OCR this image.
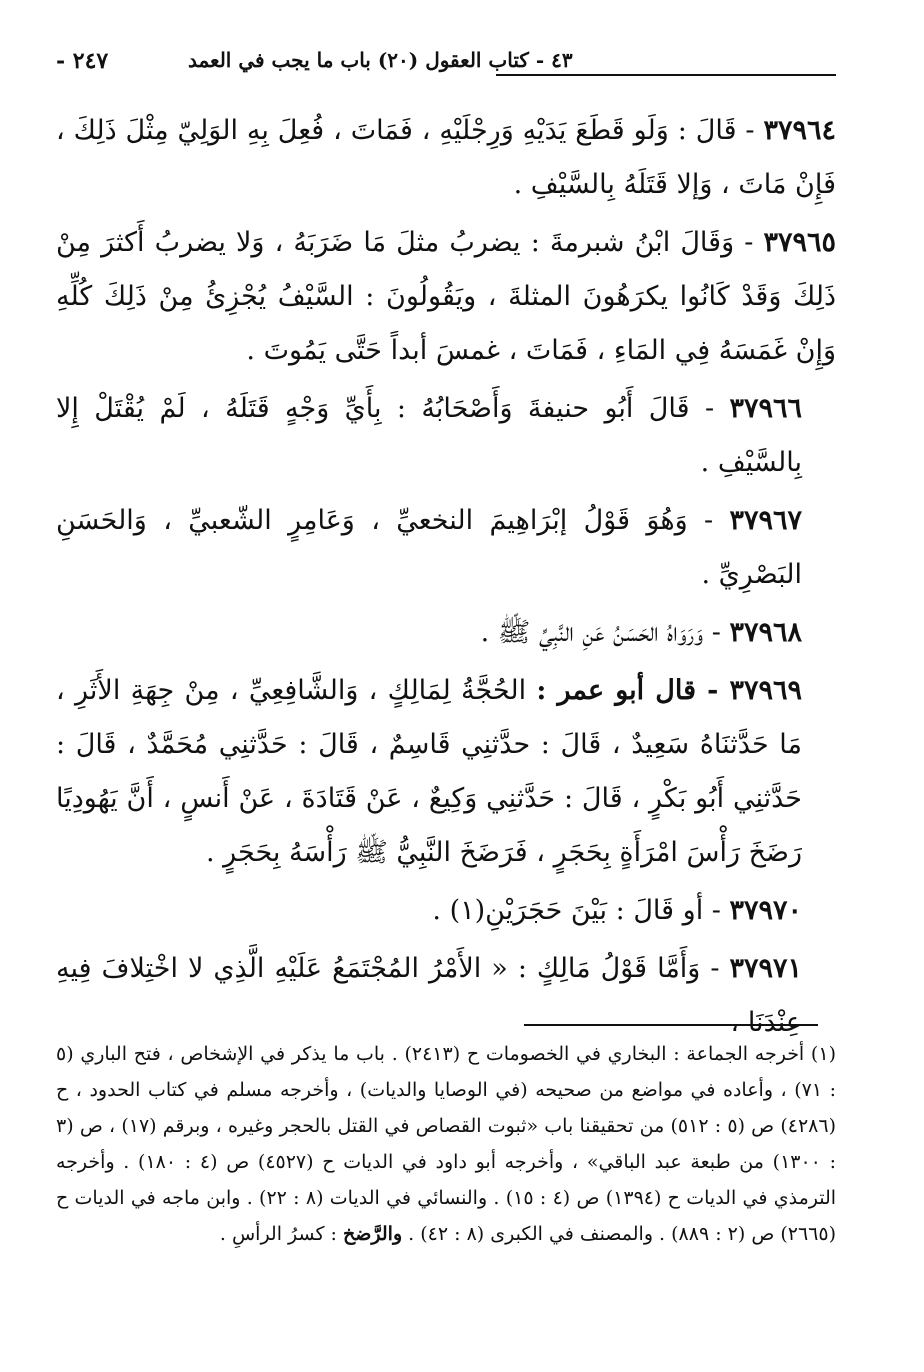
- ٢٤٧	٤٣ - كتاب العقول (٢٠) باب ما يجب في العمد

٣٧٩٦٤ - قَالَ : وَلَو قَطَعَ يَدَيْهِ وَرِجْلَيْهِ ، فَمَاتَ ، فُعِلَ بِهِ الوَلِيّ مِثْلَ ذَلِكَ ، فَإِنْ مَاتَ ، وَإلا قَتَلَهُ بِالسَّيْفِ .

٣٧٩٦٥ - وَقَالَ ابْنُ شبرمةَ : يضربُ مثلَ مَا ضَرَبَهُ ، وَلا يضربُ أَكثرَ مِنْ ذَلِكَ وَقَدْ كَانُوا يكرَهُونَ المثلةَ ، ويَقُولُونَ : السَّيْفُ يُجْزِئُ مِنْ ذَلِكَ كُلِّهِ وَإِنْ غَمَسَهُ فِي المَاءِ ، فَمَاتَ ، غمسَ أبداً حَتَّى يَمُوتَ .

٣٧٩٦٦ - قَالَ أَبُو حنيفةَ وَأَصْحَابُهُ : بِأَيِّ وَجْهٍ قَتَلَهُ ، لَمْ يُقْتَلْ إِلا بِالسَّيْفِ .

٣٧٩٦٧ - وَهُوَ قَوْلُ إبْرَاهِيمَ النخعيِّ ، وَعَامِرٍ الشّعبيِّ ، وَالحَسَنِ البَصْرِيِّ .

٣٧٩٦٨ - وَرَوَاهُ الحَسَنُ عَنِ النَّبِيِّ ﷺ .

٣٧٩٦٩ - قال أبو عمر : الحُجَّةُ لِمَالِكٍ ، وَالشَّافِعِيِّ ، مِنْ جِهَةِ الأَثَرِ ، مَا حَدَّثنَاهُ سَعِيدٌ ، قَالَ : حدَّثنِي قَاسِمٌ ، قَالَ : حَدَّثنِي مُحَمَّدٌ ، قَالَ : حَدَّثنِي أَبُو بَكْرٍ ، قَالَ : حَدَّثنِي وَكِيعٌ ، عَنْ قَتَادَةَ ، عَنْ أَنسٍ ، أَنَّ يَهُودِيًا رَضَخَ رَأْسَ امْرَأَةٍ بِحَجَرٍ ، فَرَضَخَ النَّبِيُّ ﷺ رَأْسَهُ بِحَجَرٍ .

٣٧٩٧٠ - أو قَالَ : بَيْنَ حَجَرَيْنِ(١) .

٣٧٩٧١ - وَأَمَّا قَوْلُ مَالِكٍ : « الأَمْرُ المُجْتَمَعُ عَلَيْهِ الَّذِي لا اخْتِلافَ فِيهِ عِنْدَنَا ،

(١) أخرجه الجماعة : البخاري في الخصومات ح (٢٤١٣) . باب ما يذكر في الإشخاص ، فتح الباري (٥ : ٧١) ، وأعاده في مواضع من صحيحه (في الوصايا والديات) ، وأخرجه مسلم في كتاب الحدود ، ح (٤٢٨٦) ص (٥ : ٥١٢) من تحقيقنا باب «ثبوت القصاص في القتل بالحجر وغيره ، وبرقم (١٧) ، ص (٣ : ١٣٠٠) من طبعة عبد الباقي» ، وأخرجه أبو داود في الديات ح (٤٥٢٧) ص (٤ : ١٨٠) . وأخرجه الترمذي في الديات ح (١٣٩٤) ص (٤ : ١٥) . والنسائي في الديات (٨ : ٢٢) . وابن ماجه في الديات ح (٢٦٦٥) ص (٢ : ٨٨٩) . والمصنف في الكبرى (٨ : ٤٢) . والرَّضخ : كسرُ الرأسِ .
